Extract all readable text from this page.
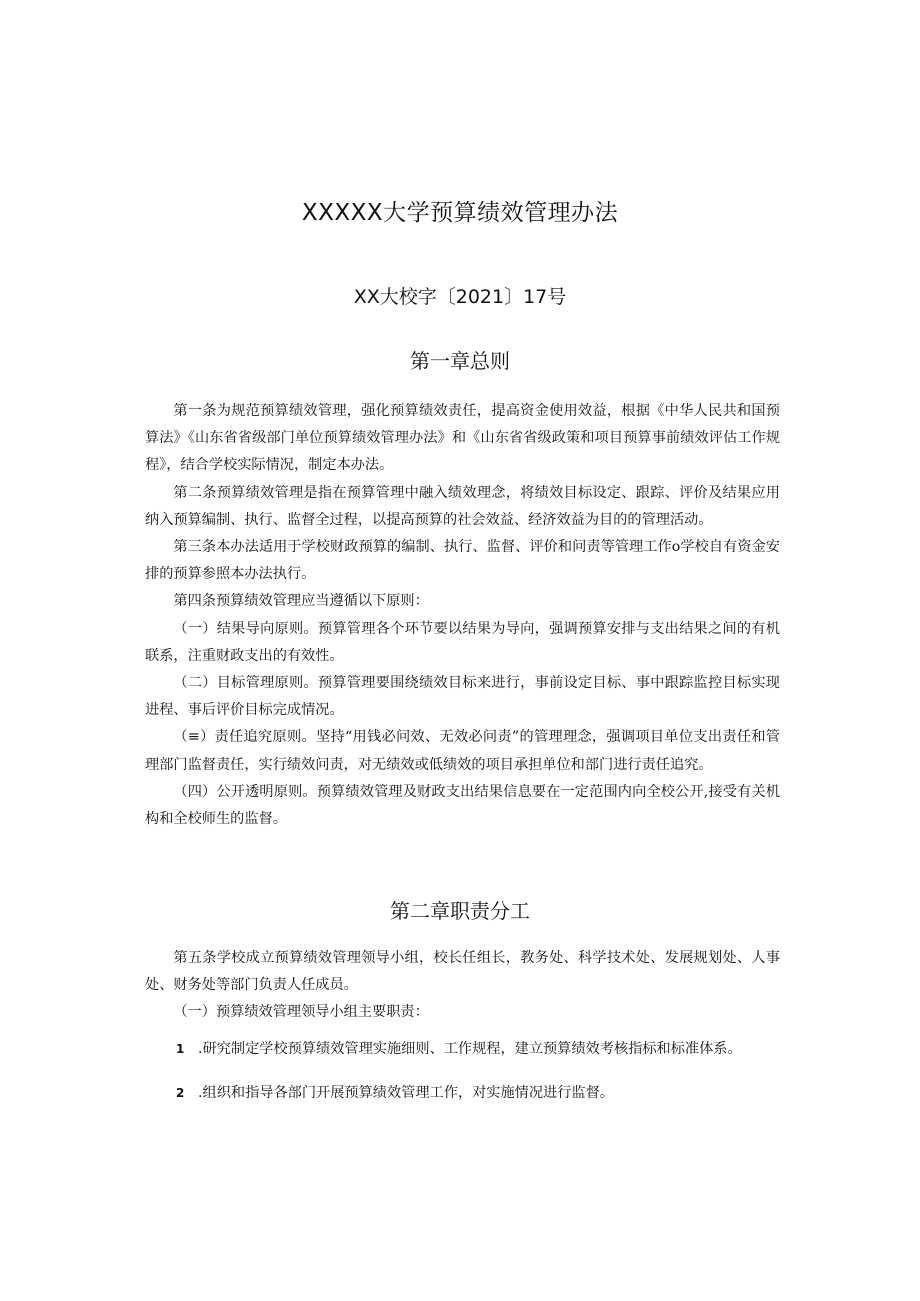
XXXXX大学预算绩效管理办法
XX大校字〔2021〕17号
第一章总则

第一条为规范预算绩效管理，强化预算绩效责任，提高资金使用效益，根据《中华人民共和国预算法》《山东省省级部门单位预算绩效管理办法》和《山东省省级政策和项目预算事前绩效评估工作规程》，结合学校实际情况，制定本办法。

第二条预算绩效管理是指在预算管理中融入绩效理念，将绩效目标设定、跟踪、评价及结果应用纳入预算编制、执行、监督全过程，以提高预算的社会效益、经济效益为目的的管理活动。

第三条本办法适用于学校财政预算的编制、执行、监督、评价和问责等管理工作o学校自有资金安排的预算参照本办法执行。

第四条预算绩效管理应当遵循以下原则：

（一）结果导向原则。预算管理各个环节要以结果为导向，强调预算安排与支出结果之间的有机联系，注重财政支出的有效性。

（二）目标管理原则。预算管理要围绕绩效目标来进行，事前设定目标、事中跟踪监控目标实现进程、事后评价目标完成情况。

（≡）责任追究原则。坚持“用钱必问效、无效必问责”的管理理念，强调项目单位支出责任和管理部门监督责任，实行绩效问责，对无绩效或低绩效的项目承担单位和部门进行责任追究。

（四）公开透明原则。预算绩效管理及财政支出结果信息要在一定范围内向全校公开,接受有关机构和全校师生的监督。

第二章职责分工

第五条学校成立预算绩效管理领导小组，校长任组长，教务处、科学技术处、发展规划处、人事处、财务处等部门负责人任成员。

（一）预算绩效管理领导小组主要职责：

1 .研究制定学校预算绩效管理实施细则、工作规程，建立预算绩效考核指标和标准体系。
2 .组织和指导各部门开展预算绩效管理工作，对实施情况进行监督。
